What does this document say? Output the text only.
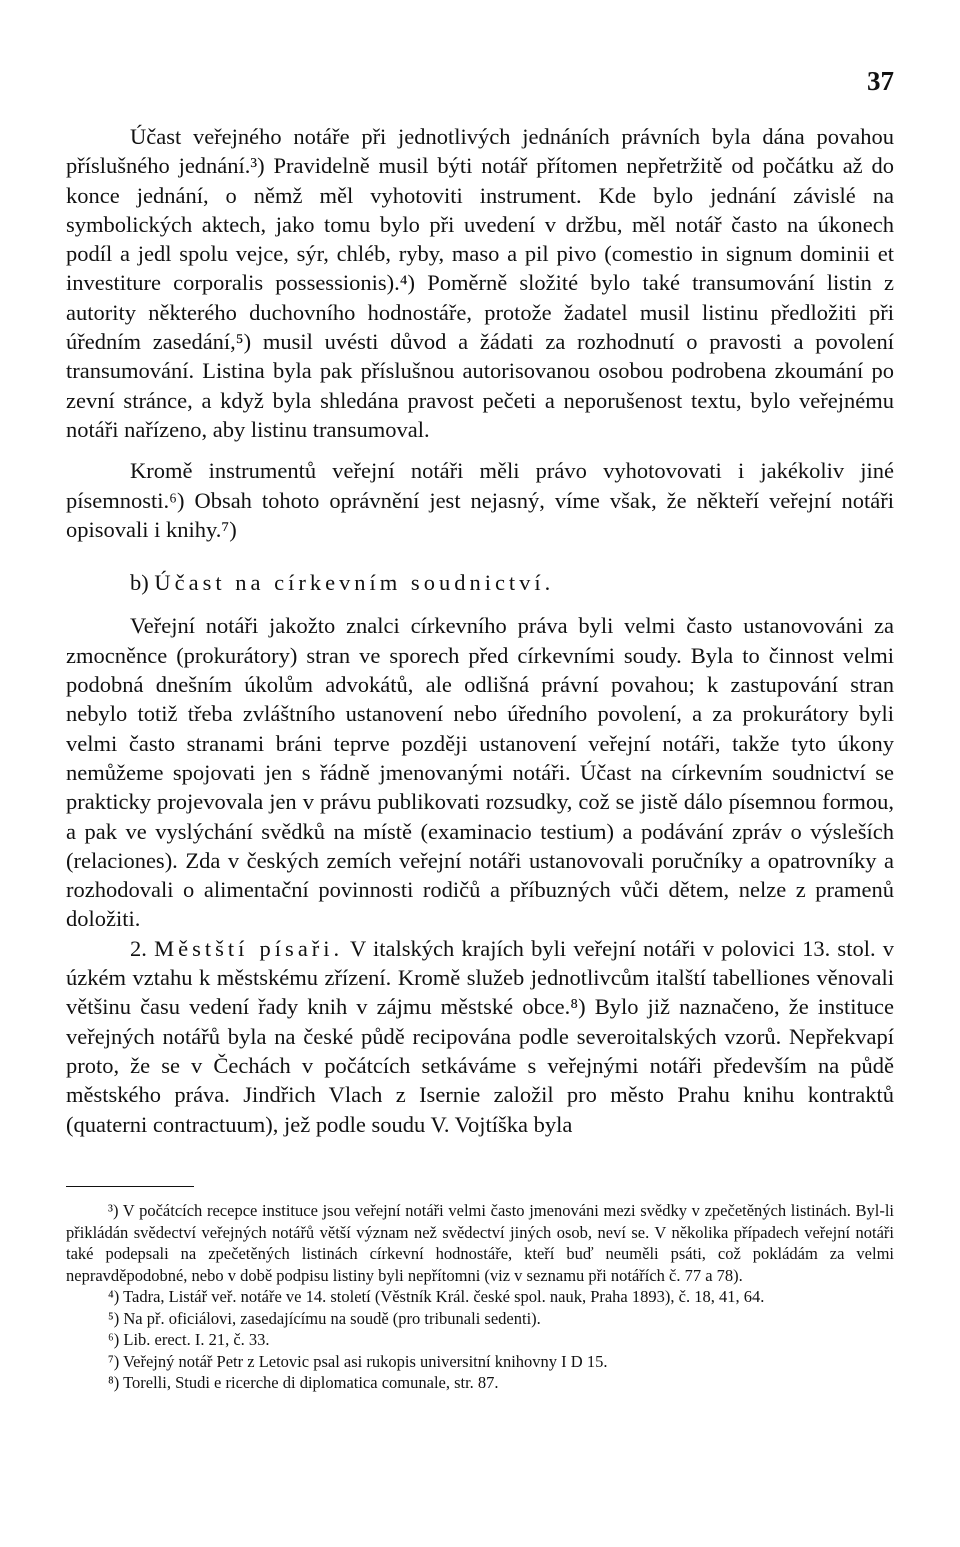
37

Účast veřejného notáře při jednotlivých jednáních právních byla dána povahou příslušného jednání.³) Pravidelně musil býti notář přítomen nepřetržitě od počátku až do konce jednání, o němž měl vyhotoviti instrument. Kde bylo jednání závislé na symbolických aktech, jako tomu bylo při uvedení v držbu, měl notář často na úkonech podíl a jedl spolu vejce, sýr, chléb, ryby, maso a pil pivo (comestio in signum dominii et investiture corporalis possessionis).⁴) Poměrně složité bylo také transumování listin z autority některého duchovního hodnostáře, protože žadatel musil listinu předložiti při úředním zasedání,⁵) musil uvésti důvod a žádati za rozhodnutí o pravosti a povolení transumování. Listina byla pak příslušnou autorisovanou osobou podrobena zkoumání po zevní stránce, a když byla shledána pravost pečeti a neporušenost textu, bylo veřejnému notáři nařízeno, aby listinu transumoval.

Kromě instrumentů veřejní notáři měli právo vyhotovovati i jakékoliv jiné písemnosti.⁶) Obsah tohoto oprávnění jest nejasný, víme však, že někteří veřejní notáři opisovali i knihy.⁷)

b) Účast na církevním soudnictví.

Veřejní notáři jakožto znalci církevního práva byli velmi často ustanovováni za zmocněnce (prokurátory) stran ve sporech před církevními soudy. Byla to činnost velmi podobná dnešním úkolům advokátů, ale odlišná právní povahou; k zastupování stran nebylo totiž třeba zvláštního ustanovení nebo úředního povolení, a za prokurátory byli velmi často stranami bráni teprve později ustanovení veřejní notáři, takže tyto úkony nemůžeme spojovati jen s řádně jmenovanými notáři. Účast na církevním soudnictví se prakticky projevovala jen v právu publikovati rozsudky, což se jistě dálo písemnou formou, a pak ve vyslýchání svědků na místě (examinacio testium) a podávání zpráv o výsleších (relaciones). Zda v českých zemích veřejní notáři ustanovovali poručníky a opatrovníky a rozhodovali o alimentační povinnosti rodičů a příbuzných vůči dětem, nelze z pramenů doložiti.

2. Městští písaři. V italských krajích byli veřejní notáři v polovici 13. stol. v úzkém vztahu k městskému zřízení. Kromě služeb jednotlivcům italští tabelliones věnovali většinu času vedení řady knih v zájmu městské obce.⁸) Bylo již naznačeno, že instituce veřejných notářů byla na české půdě recipována podle severoitalských vzorů. Nepřekvapí proto, že se v Čechách v počátcích setkáváme s veřejnými notáři především na půdě městského práva. Jindřich Vlach z Isernie založil pro město Prahu knihu kontraktů (quaterni contractuum), jež podle soudu V. Vojtíška byla

³) V počátcích recepce instituce jsou veřejní notáři velmi často jmenováni mezi svědky v zpečetěných listinách. Byl-li přikládán svědectví veřejných notářů větší význam než svědectví jiných osob, neví se. V několika případech veřejní notáři také podepsali na zpečetěných listinách církevní hodnostáře, kteří buď neuměli psáti, což pokládám za velmi nepravděpodobné, nebo v době podpisu listiny byli nepřítomni (viz v seznamu při notářích č. 77 a 78).

⁴) Tadra, Listář veř. notáře ve 14. století (Věstník Král. české spol. nauk, Praha 1893), č. 18, 41, 64.

⁵) Na př. oficiálovi, zasedajícímu na soudě (pro tribunali sedenti).

⁶) Lib. erect. I. 21, č. 33.

⁷) Veřejný notář Petr z Letovic psal asi rukopis universitní knihovny I D 15.

⁸) Torelli, Studi e ricerche di diplomatica comunale, str. 87.
